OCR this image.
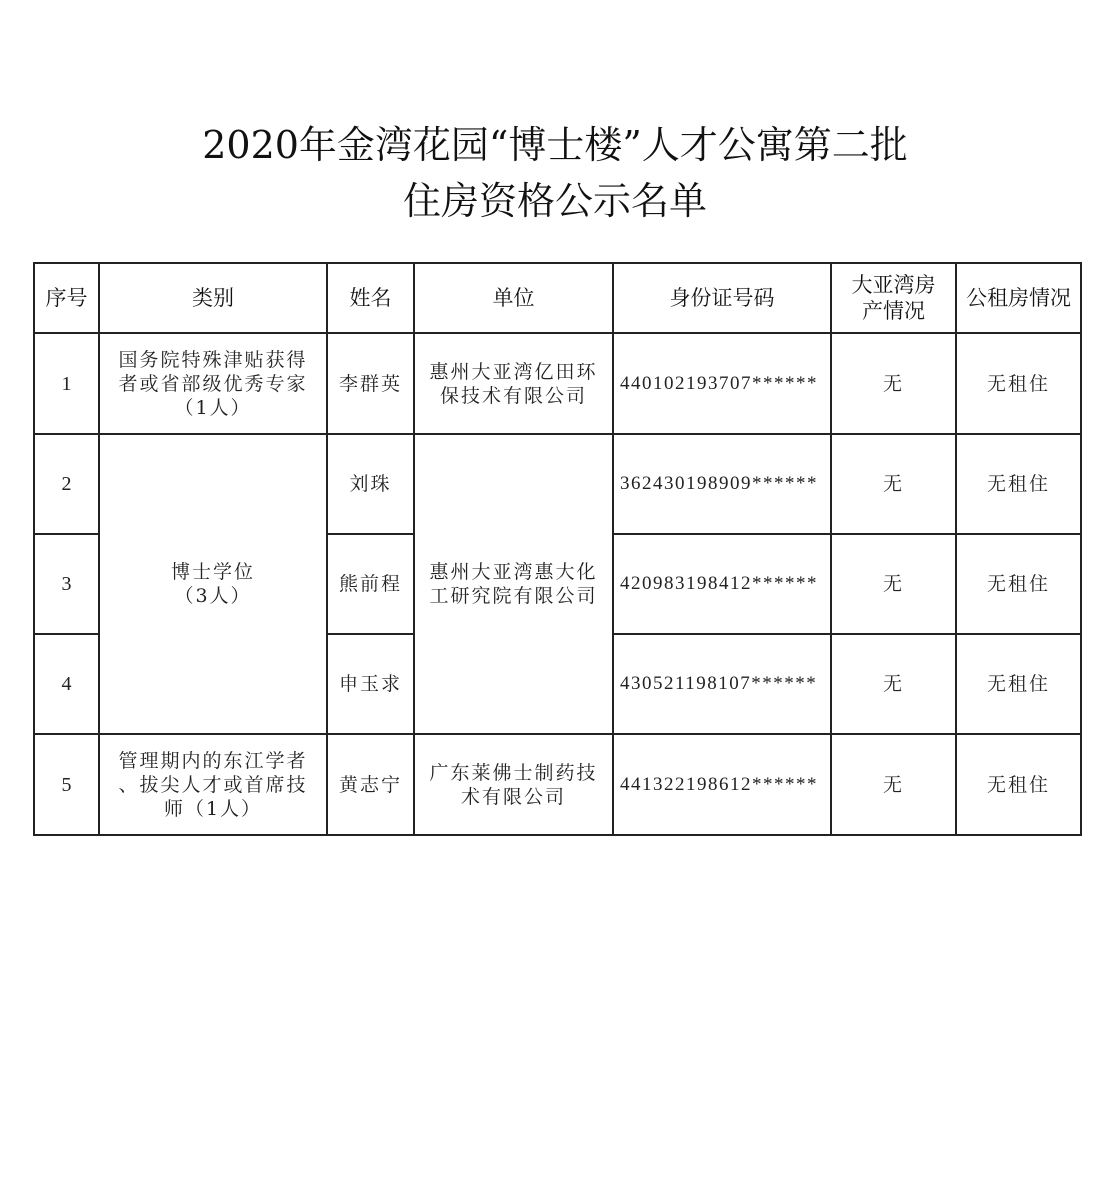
2020年金湾花园“博士楼”人才公寓第二批
住房资格公示名单
序号	类别	姓名	单位	身份证号码	大亚湾房
产情况	公租房情况
1	国务院特殊津贴获得
者或省部级优秀专家
（1人）	李群英	惠州大亚湾亿田环
保技术有限公司	440102193707******	无	无租住
2	博士学位
（3人）	刘珠	惠州大亚湾惠大化
工研究院有限公司	362430198909******	无	无租住
3		熊前程		420983198412******	无	无租住
4		申玉求		430521198107******	无	无租住
5	管理期内的东江学者
、拔尖人才或首席技
师（1人）	黄志宁	广东莱佛士制药技
术有限公司	441322198612******	无	无租住
